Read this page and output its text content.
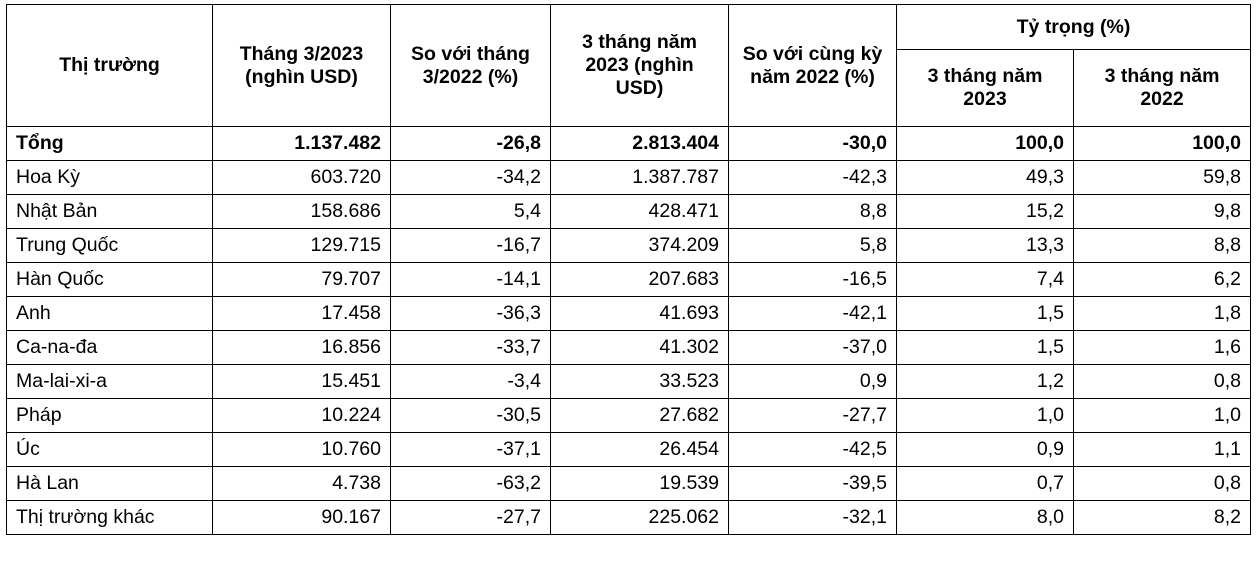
Thị trường	Tháng 3/2023 (nghìn USD)	So với tháng 3/2022 (%)	3 tháng năm 2023 (nghìn USD)	So với cùng kỳ năm 2022 (%)	Tỷ trọng (%)	
					3 tháng năm 2023	3 tháng năm 2022
Tổng	1.137.482	-26,8	2.813.404	-30,0	100,0	100,0
Hoa Kỳ	603.720	-34,2	1.387.787	-42,3	49,3	59,8
Nhật Bản	158.686	5,4	428.471	8,8	15,2	9,8
Trung Quốc	129.715	-16,7	374.209	5,8	13,3	8,8
Hàn Quốc	79.707	-14,1	207.683	-16,5	7,4	6,2
Anh	17.458	-36,3	41.693	-42,1	1,5	1,8
Ca-na-đa	16.856	-33,7	41.302	-37,0	1,5	1,6
Ma-lai-xi-a	15.451	-3,4	33.523	0,9	1,2	0,8
Pháp	10.224	-30,5	27.682	-27,7	1,0	1,0
Úc	10.760	-37,1	26.454	-42,5	0,9	1,1
Hà Lan	4.738	-63,2	19.539	-39,5	0,7	0,8
Thị trường khác	90.167	-27,7	225.062	-32,1	8,0	8,2
